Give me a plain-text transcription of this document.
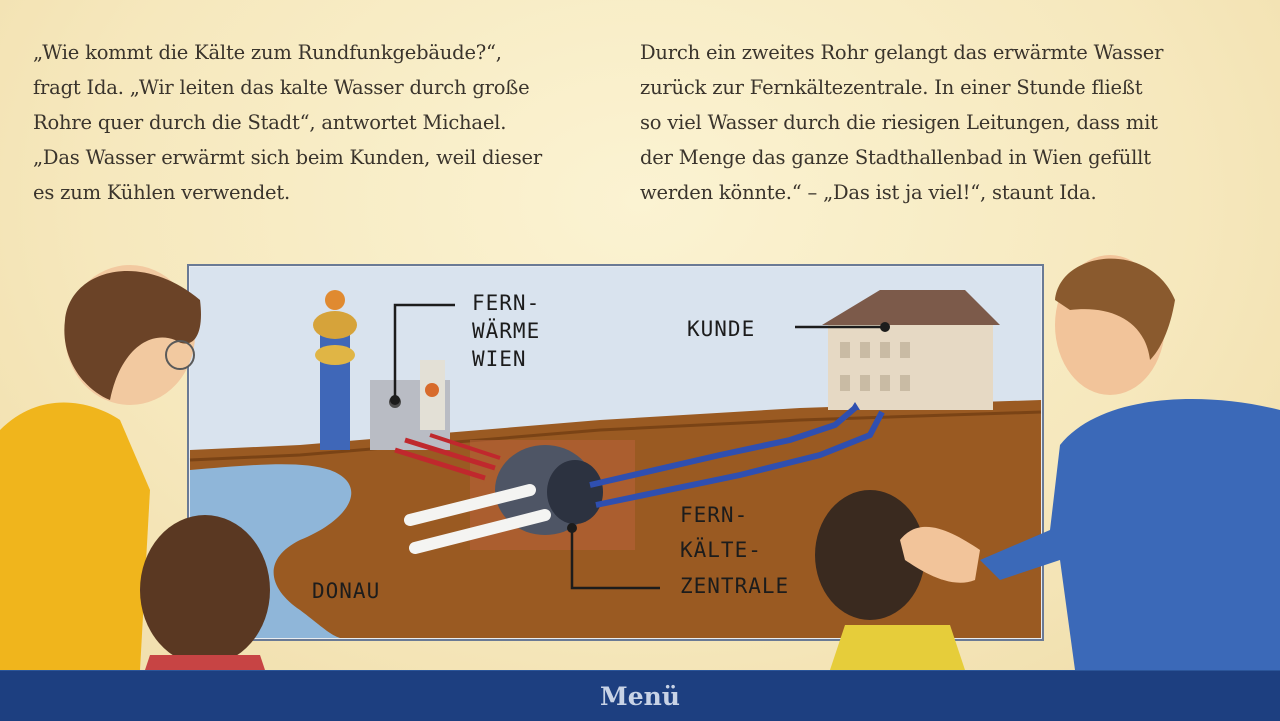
„Wie kommt die Kälte zum Rundfunkgebäude?“,
fragt Ida. „Wir leiten das kalte Wasser durch große
Rohre quer durch die Stadt“, antwortet Michael.
„Das Wasser erwärmt sich beim Kunden, weil dieser
es zum Kühlen verwendet.
Durch ein zweites Rohr gelangt das erwärmte Wasser
zurück zur Fernkältezentrale. In einer Stunde fließt
so viel Wasser durch die riesigen Leitungen, dass mit
der Menge das ganze Stadthallenbad in Wien gefüllt
werden könnte.“ – „Das ist ja viel!“, staunt Ida.
FERN-
WÄRME
WIEN
KUNDE
FERN-
KÄLTE-
ZENTRALE
DONAU
Menü
